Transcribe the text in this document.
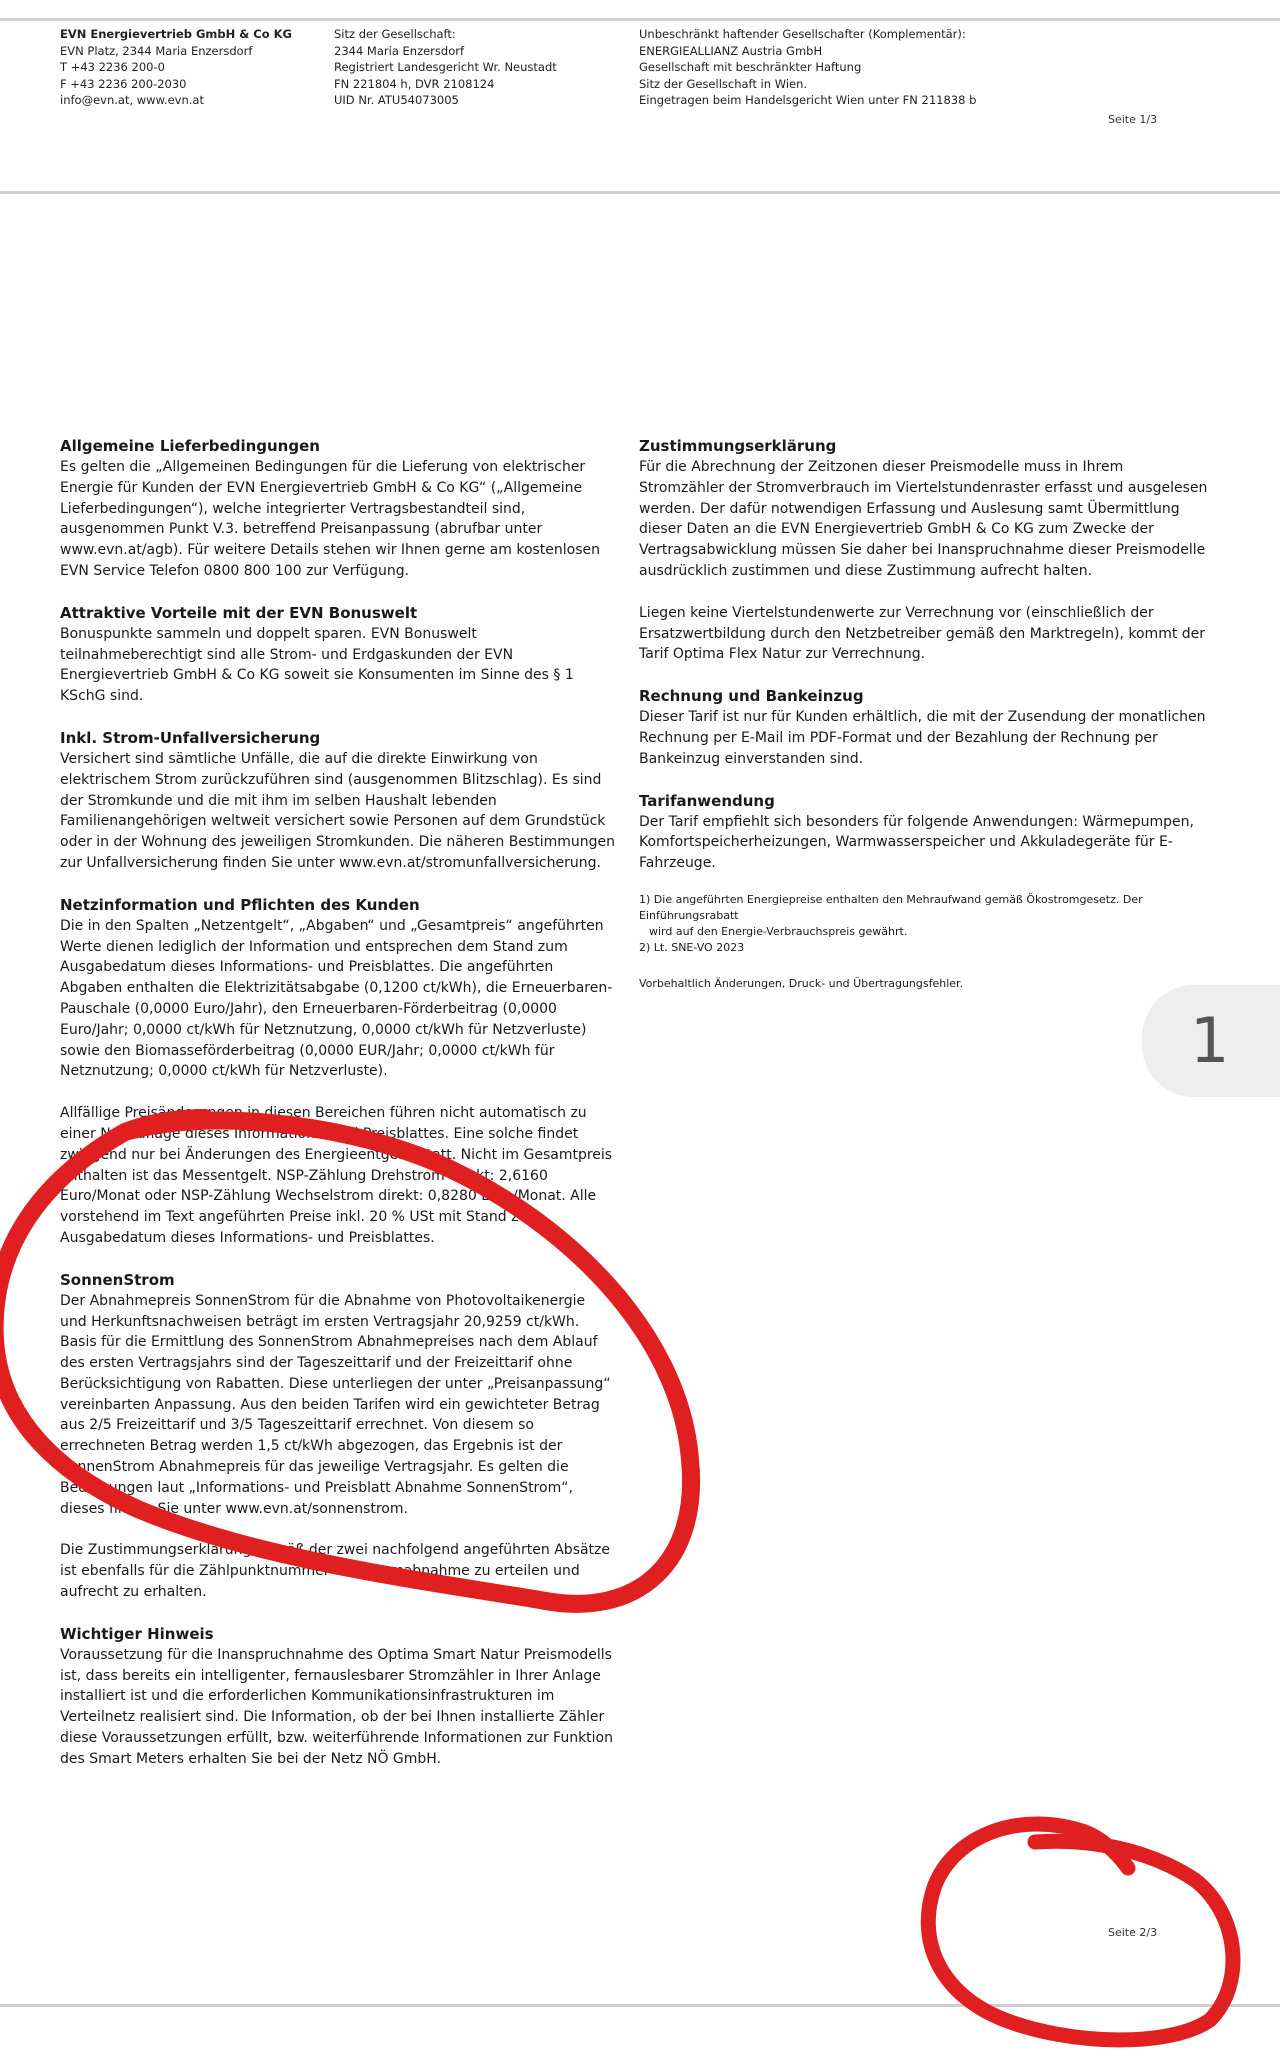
EVN Energievertrieb GmbH & Co KG
EVN Platz, 2344 Maria Enzersdorf
T +43 2236 200-0
F +43 2236 200-2030
info@evn.at, www.evn.at
Sitz der Gesellschaft:
2344 Maria Enzersdorf
Registriert Landesgericht Wr. Neustadt
FN 221804 h, DVR 2108124
UID Nr. ATU54073005
Unbeschränkt haftender Gesellschafter (Komplementär):
ENERGIEALLIANZ Austria GmbH
Gesellschaft mit beschränkter Haftung
Sitz der Gesellschaft in Wien.
Eingetragen beim Handelsgericht Wien unter FN 211838 b
Seite 1/3
Allgemeine Lieferbedingungen

Es gelten die „Allgemeinen Bedingungen für die Lieferung von elektrischer Energie für Kunden der EVN Energievertrieb GmbH & Co KG“ („Allgemeine Lieferbedingungen“), welche integrierter Vertragsbestandteil sind, ausgenommen Punkt V.3. betreffend Preisanpassung (abrufbar unter www.evn.at/agb). Für weitere Details stehen wir Ihnen gerne am kostenlosen EVN Service Telefon 0800 800 100 zur Verfügung.

Attraktive Vorteile mit der EVN Bonuswelt

Bonuspunkte sammeln und doppelt sparen. EVN Bonuswelt teilnahmeberechtigt sind alle Strom- und Erdgaskunden der EVN Energievertrieb GmbH & Co KG soweit sie Konsumenten im Sinne des § 1 KSchG sind.

Inkl. Strom-Unfallversicherung

Versichert sind sämtliche Unfälle, die auf die direkte Einwirkung von elektrischem Strom zurückzuführen sind (ausgenommen Blitzschlag). Es sind der Stromkunde und die mit ihm im selben Haushalt lebenden Familienangehörigen weltweit versichert sowie Personen auf dem Grundstück oder in der Wohnung des jeweiligen Stromkunden. Die näheren Bestimmungen zur Unfallversicherung finden Sie unter www.evn.at/stromunfallversicherung.

Netzinformation und Pflichten des Kunden

Die in den Spalten „Netzentgelt“, „Abgaben“ und „Gesamtpreis“ angeführten Werte dienen lediglich der Information und entsprechen dem Stand zum Ausgabedatum dieses Informations- und Preisblattes. Die angeführten Abgaben enthalten die Elektrizitätsabgabe (0,1200 ct/kWh), die Erneuerbaren-Pauschale (0,0000 Euro/Jahr), den Erneuerbaren-Förderbeitrag (0,0000 Euro/Jahr; 0,0000 ct/kWh für Netznutzung, 0,0000 ct/kWh für Netzverluste) sowie den Biomasseförderbeitrag (0,0000 EUR/Jahr; 0,0000 ct/kWh für Netznutzung; 0,0000 ct/kWh für Netzverluste).

Allfällige Preisänderungen in diesen Bereichen führen nicht automatisch zu einer Neuauflage dieses Informations- und Preisblattes. Eine solche findet zwingend nur bei Änderungen des Energieentgelts statt. Nicht im Gesamtpreis enthalten ist das Messentgelt. NSP-Zählung Drehstrom direkt: 2,6160 Euro/Monat oder NSP-Zählung Wechselstrom direkt: 0,8280 Euro/Monat. Alle vorstehend im Text angeführten Preise inkl. 20 % USt mit Stand zum Ausgabedatum dieses Informations- und Preisblattes.

SonnenStrom

Der Abnahmepreis SonnenStrom für die Abnahme von Photovoltaikenergie und Herkunftsnachweisen beträgt im ersten Vertragsjahr 20,9259 ct/kWh. Basis für die Ermittlung des SonnenStrom Abnahmepreises nach dem Ablauf des ersten Vertragsjahrs sind der Tageszeittarif und der Freizeittarif ohne Berücksichtigung von Rabatten. Diese unterliegen der unter „Preisanpassung“ vereinbarten Anpassung. Aus den beiden Tarifen wird ein gewichteter Betrag aus 2/5 Freizeittarif und 3/5 Tageszeittarif errechnet. Von diesem so errechneten Betrag werden 1,5 ct/kWh abgezogen, das Ergebnis ist der SonnenStrom Abnahmepreis für das jeweilige Vertragsjahr. Es gelten die Bedingungen laut „Informations- und Preisblatt Abnahme SonnenStrom“, dieses finden Sie unter www.evn.at/sonnenstrom.

Die Zustimmungserklärung gemäß der zwei nachfolgend angeführten Absätze ist ebenfalls für die Zählpunktnummer der Stromabnahme zu erteilen und aufrecht zu erhalten.

Wichtiger Hinweis

Voraussetzung für die Inanspruchnahme des Optima Smart Natur Preismodells ist, dass bereits ein intelligenter, fernauslesbarer Stromzähler in Ihrer Anlage installiert ist und die erforderlichen Kommunikationsinfrastrukturen im Verteilnetz realisiert sind. Die Information, ob der bei Ihnen installierte Zähler diese Voraussetzungen erfüllt, bzw. weiterführende Informationen zur Funktion des Smart Meters erhalten Sie bei der Netz NÖ GmbH.

Zustimmungserklärung

Für die Abrechnung der Zeitzonen dieser Preismodelle muss in Ihrem Stromzähler der Stromverbrauch im Viertelstundenraster erfasst und ausgelesen werden. Der dafür notwendigen Erfassung und Auslesung samt Übermittlung dieser Daten an die EVN Energievertrieb GmbH & Co KG zum Zwecke der Vertragsabwicklung müssen Sie daher bei Inanspruchnahme dieser Preismodelle ausdrücklich zustimmen und diese Zustimmung aufrecht halten.

Liegen keine Viertelstundenwerte zur Verrechnung vor (einschließlich der Ersatzwertbildung durch den Netzbetreiber gemäß den Marktregeln), kommt der Tarif Optima Flex Natur zur Verrechnung.

Rechnung und Bankeinzug

Dieser Tarif ist nur für Kunden erhältlich, die mit der Zusendung der monatlichen Rechnung per E-Mail im PDF-Format und der Bezahlung der Rechnung per Bankeinzug einverstanden sind.

Tarifanwendung

Der Tarif empfiehlt sich besonders für folgende Anwendungen: Wärmepumpen, Komfortspeicherheizungen, Warmwasserspeicher und Akkuladegeräte für E-Fahrzeuge.

1) Die angeführten Energiepreise enthalten den Mehraufwand gemäß Ökostromgesetz. Der Einführungsrabatt

wird auf den Energie-Verbrauchspreis gewährt.

2) Lt. SNE-VO 2023

Vorbehaltlich Änderungen, Druck- und Übertragungsfehler.

1
Seite 2/3
